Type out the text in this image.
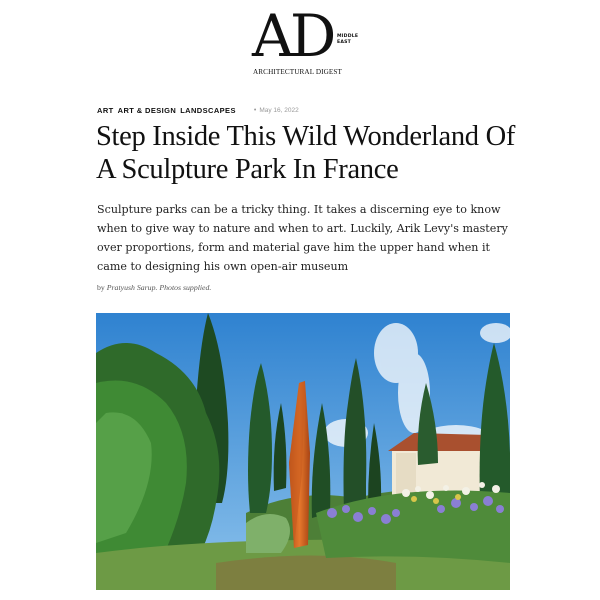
AD MIDDLE
EAST
ARCHITECTURAL DIGEST
ART ART & DESIGN LANDSCAPES	• May 16, 2022
Step Inside This Wild Wonderland Of A Sculpture Park In France

Sculpture parks can be a tricky thing. It takes a discerning eye to know when to give way to nature and when to art. Luckily, Arik Levy's mastery over proportions, form and material gave him the upper hand when it came to designing his own open-air museum

by Pratyush Sarup. Photos supplied.
